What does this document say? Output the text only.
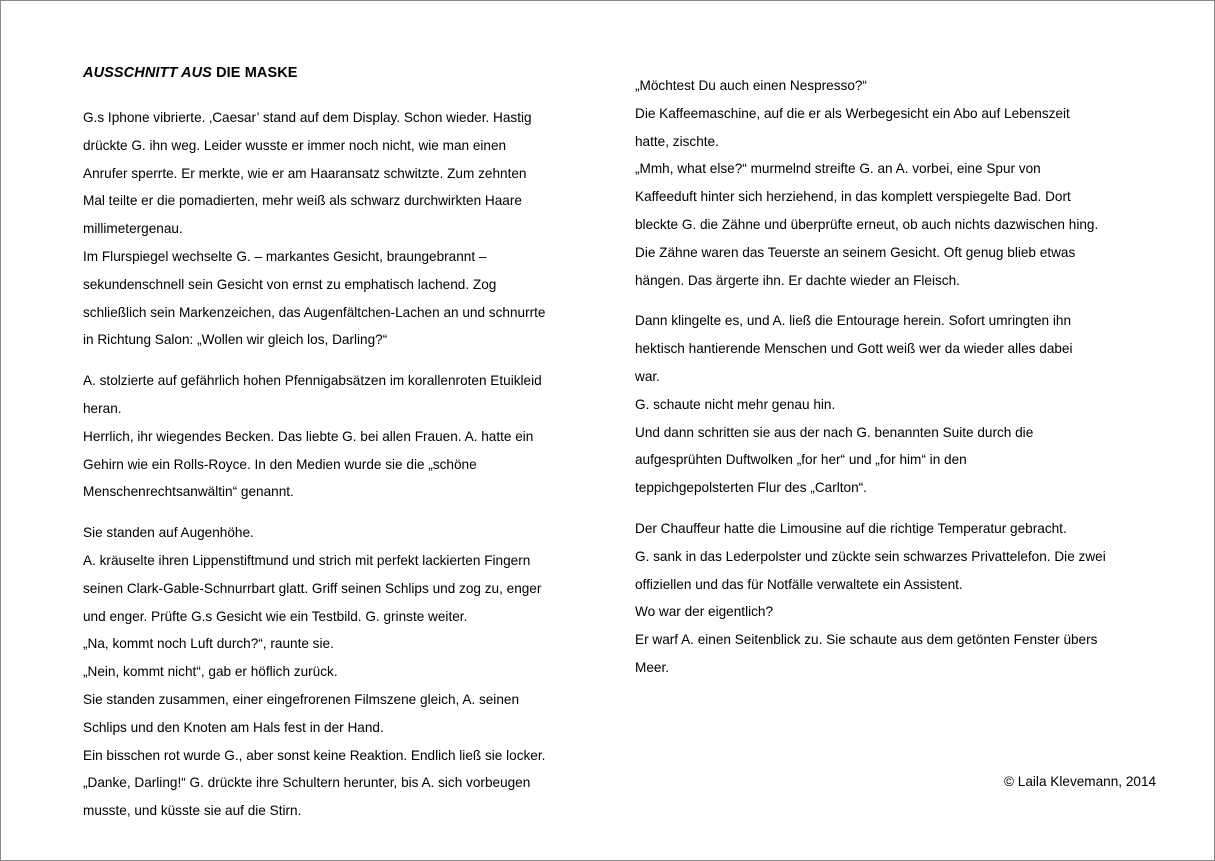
AUSSCHNITT AUS DIE MASKE
G.s Iphone vibrierte. ‚Caesar’ stand auf dem Display. Schon wieder. Hastig
drückte G. ihn weg. Leider wusste er immer noch nicht, wie man einen
Anrufer sperrte. Er merkte, wie er am Haaransatz schwitzte. Zum zehnten
Mal teilte er die pomadierten, mehr weiß als schwarz durchwirkten Haare
millimetergenau.
Im Flurspiegel wechselte G. – markantes Gesicht, braungebrannt –
sekundenschnell sein Gesicht von ernst zu emphatisch lachend. Zog
schließlich sein Markenzeichen, das Augenfältchen-Lachen an und schnurrte
in Richtung Salon: „Wollen wir gleich los, Darling?“
A. stolzierte auf gefährlich hohen Pfennigabsätzen im korallenroten Etuikleid
heran.
Herrlich, ihr wiegendes Becken. Das liebte G. bei allen Frauen. A. hatte ein
Gehirn wie ein Rolls-Royce. In den Medien wurde sie die „schöne
Menschenrechtsanwältin“ genannt.
Sie standen auf Augenhöhe.
A. kräuselte ihren Lippenstiftmund und strich mit perfekt lackierten Fingern
seinen Clark-Gable-Schnurrbart glatt. Griff seinen Schlips und zog zu, enger
und enger. Prüfte G.s Gesicht wie ein Testbild. G. grinste weiter.
„Na, kommt noch Luft durch?“, raunte sie.
„Nein, kommt nicht“, gab er höflich zurück.
Sie standen zusammen, einer eingefrorenen Filmszene gleich, A. seinen
Schlips und den Knoten am Hals fest in der Hand.
Ein bisschen rot wurde G., aber sonst keine Reaktion. Endlich ließ sie locker.
„Danke, Darling!“ G. drückte ihre Schultern herunter, bis A. sich vorbeugen
musste, und küsste sie auf die Stirn.
„Möchtest Du auch einen Nespresso?“
Die Kaffeemaschine, auf die er als Werbegesicht ein Abo auf Lebenszeit
hatte, zischte.
„Mmh, what else?“ murmelnd streifte G. an A. vorbei, eine Spur von
Kaffeeduft hinter sich herziehend, in das komplett verspiegelte Bad. Dort
bleckte G. die Zähne und überprüfte erneut, ob auch nichts dazwischen hing.
Die Zähne waren das Teuerste an seinem Gesicht. Oft genug blieb etwas
hängen. Das ärgerte ihn. Er dachte wieder an Fleisch.
Dann klingelte es, und A. ließ die Entourage herein. Sofort umringten ihn
hektisch hantierende Menschen und Gott weiß wer da wieder alles dabei
war.
G. schaute nicht mehr genau hin.
Und dann schritten sie aus der nach G. benannten Suite durch die
aufgesprühten Duftwolken „for her“ und „for him“ in den
teppichgepolsterten Flur des „Carlton“.
Der Chauffeur hatte die Limousine auf die richtige Temperatur gebracht.
G. sank in das Lederpolster und zückte sein schwarzes Privattelefon. Die zwei
offiziellen und das für Notfälle verwaltete ein Assistent.
Wo war der eigentlich?
Er warf A. einen Seitenblick zu. Sie schaute aus dem getönten Fenster übers
Meer.
© Laila Klevemann, 2014
